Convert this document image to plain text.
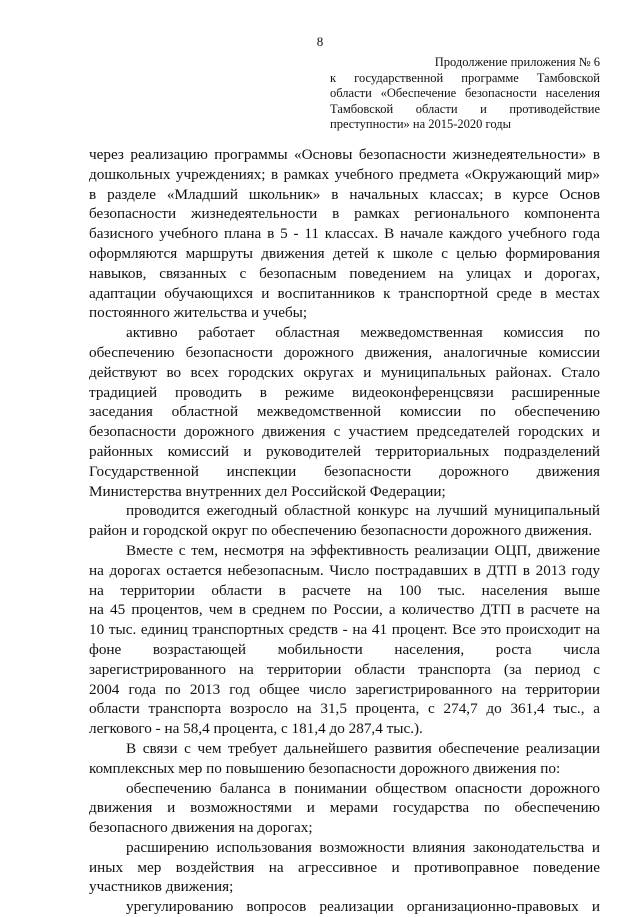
8
Продолжение приложения № 6
к государственной программе Тамбовской
области «Обеспечение безопасности населения
Тамбовской области и противодействие
преступности» на 2015-2020 годы
через реализацию программы «Основы безопасности жизнедеятельности» в
дошкольных учреждениях; в рамках учебного предмета «Окружающий мир»
в разделе «Младший школьник» в начальных классах; в курсе Основ
безопасности жизнедеятельности в рамках регионального компонента
базисного учебного плана в 5 - 11 классах. В начале каждого учебного года
оформляются маршруты движения детей к школе с целью формирования
навыков, связанных с безопасным поведением на улицах и дорогах,
адаптации обучающихся и воспитанников к транспортной среде в местах
постоянного жительства и учебы;
активно работает областная межведомственная комиссия по
обеспечению безопасности дорожного движения, аналогичные комиссии
действуют во всех городских округах и муниципальных районах. Стало
традицией проводить в режиме видеоконференцсвязи расширенные
заседания областной межведомственной комиссии по обеспечению
безопасности дорожного движения с участием председателей городских и
районных комиссий и руководителей территориальных подразделений
Государственной инспекции безопасности дорожного движения
Министерства внутренних дел Российской Федерации;
проводится ежегодный областной конкурс на лучший муниципальный
район и городской округ по обеспечению безопасности дорожного движения.
Вместе с тем, несмотря на эффективность реализации ОЦП, движение
на дорогах остается небезопасным. Число пострадавших в ДТП в 2013 году
на территории области в расчете на 100 тыс. населения выше
на 45 процентов, чем в среднем по России, а количество ДТП в расчете на
10 тыс. единиц транспортных средств - на 41 процент. Все это происходит на
фоне возрастающей мобильности населения, роста числа
зарегистрированного на территории области транспорта (за период с
2004 года по 2013 год общее число зарегистрированного на территории
области транспорта возросло на 31,5 процента, с 274,7 до 361,4 тыс., а
легкового - на 58,4 процента, с 181,4 до 287,4 тыс.).
В связи с чем требует дальнейшего развития обеспечение реализации
комплексных мер по повышению безопасности дорожного движения по:
обеспечению баланса в понимании обществом опасности дорожного
движения и возможностями и мерами государства по обеспечению
безопасного движения на дорогах;
расширению использования возможности влияния законодательства и
иных мер воздействия на агрессивное и противоправное поведение
участников движения;
урегулированию вопросов реализации организационно-правовых и
